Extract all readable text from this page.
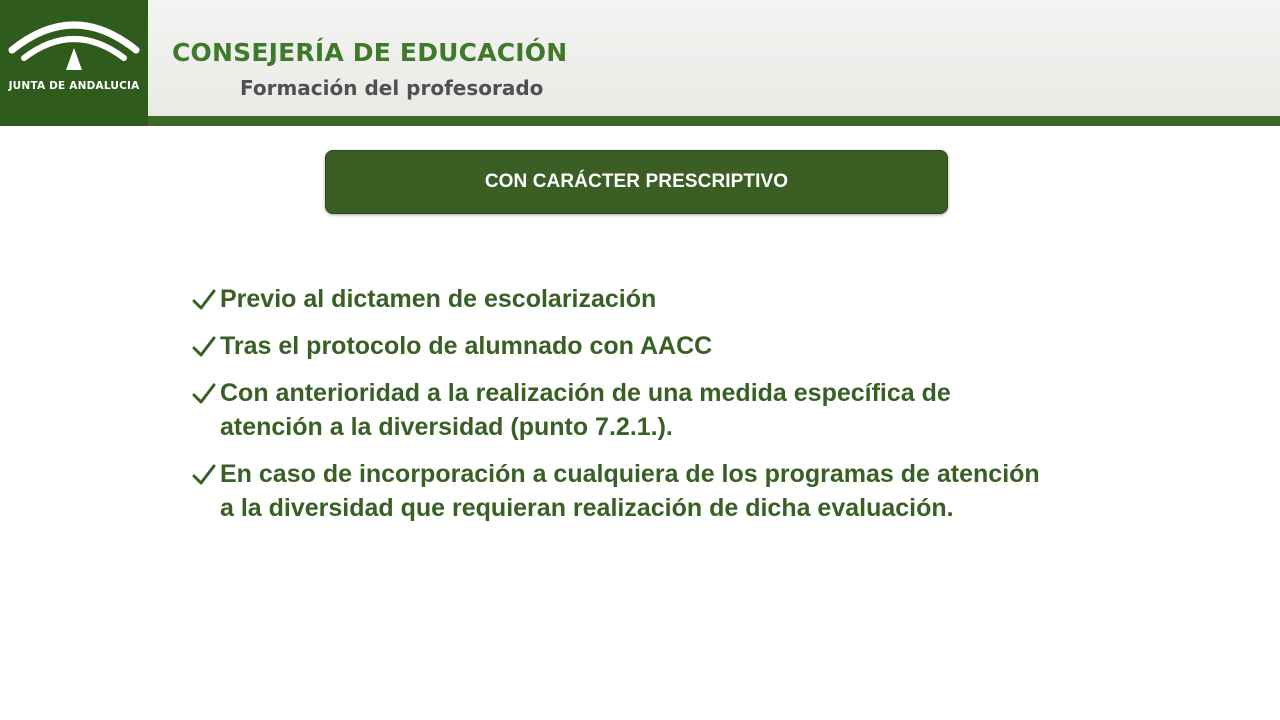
JUNTA DE ANDALUCIA
CONSEJERÍA DE EDUCACIÓN
Formación del profesorado
CON CARÁCTER PRESCRIPTIVO
Previo al dictamen de escolarización
Tras el protocolo de alumnado con AACC
Con anterioridad a la realización de una medida específica de atención a la diversidad (punto 7.2.1.).
En caso de incorporación a cualquiera de los programas de atención a la diversidad que requieran realización de dicha evaluación.
